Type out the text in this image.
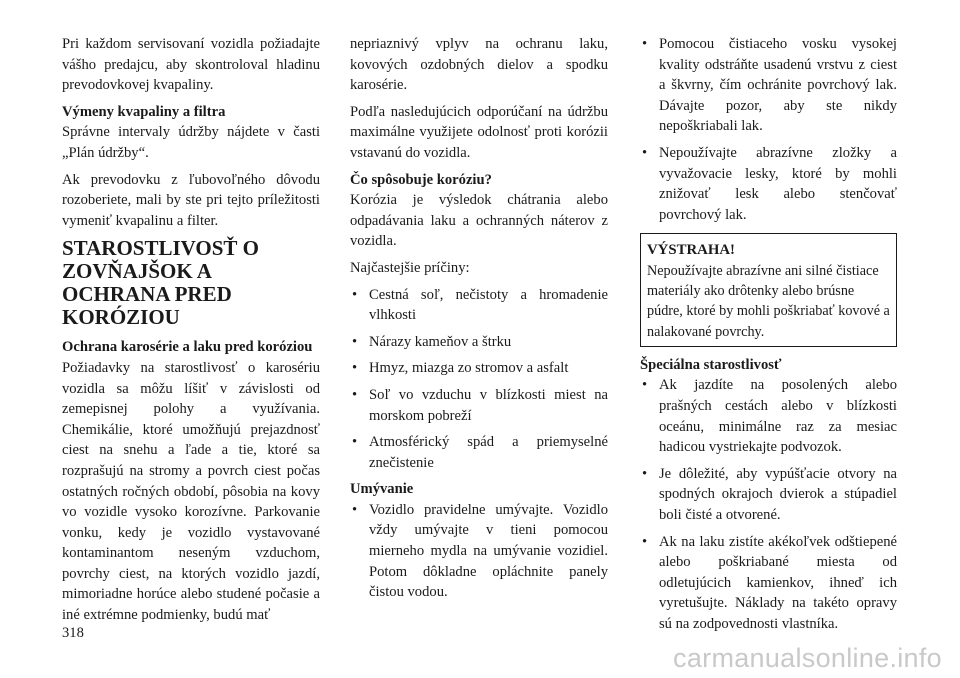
Pri každom servisovaní vozidla požiadajte vášho predajcu, aby skontroloval hladinu prevodovkovej kvapaliny.

Výmeny kvapaliny a filtra

Správne intervaly údržby nájdete v časti „Plán údržby“.

Ak prevodovku z ľubovoľného dôvodu rozoberiete, mali by ste pri tejto príležitosti vymeniť kvapalinu a filter.

STAROSTLIVOSŤ O ZOVŇAJŠOK A OCHRANA PRED KORÓZIOU

Ochrana karosérie a laku pred koróziou

Požiadavky na starostlivosť o karosériu vozidla sa môžu líšiť v závislosti od zemepisnej polohy a využívania. Chemikálie, ktoré umožňujú prejazdnosť ciest na snehu a ľade a tie, ktoré sa rozprašujú na stromy a povrch ciest počas ostatných ročných období, pôsobia na kovy vo vozidle vysoko korozívne. Parkovanie vonku, kedy je vozidlo vystavované kontaminantom neseným vzduchom, povrchy ciest, na ktorých vozidlo jazdí, mimoriadne horúce alebo studené počasie a iné extrémne podmienky, budú mať

nepriaznivý vplyv na ochranu laku, kovových ozdobných dielov a spodku karosérie.

Podľa nasledujúcich odporúčaní na údržbu maximálne využijete odolnosť proti korózii vstavanú do vozidla.

Čo spôsobuje koróziu?

Korózia je výsledok chátrania alebo odpadávania laku a ochranných náterov z vozidla.

Najčastejšie príčiny:

• Cestná soľ, nečistoty a hromadenie vlhkosti
• Nárazy kameňov a štrku
• Hmyz, miazga zo stromov a asfalt
• Soľ vo vzduchu v blízkosti miest na morskom pobreží
• Atmosférický spád a priemyselné znečistenie

Umývanie

• Vozidlo pravidelne umývajte. Vozidlo vždy umývajte v tieni pomocou mierneho mydla na umývanie vozidiel. Potom dôkladne opláchnite panely čistou vodou.
• Pomocou čistiaceho vosku vysokej kvality odstráňte usadenú vrstvu z ciest a škvrny, čím ochránite povrchový lak. Dávajte pozor, aby ste nikdy nepoškriabali lak.
• Nepoužívajte abrazívne zložky a vyvažovacie lesky, ktoré by mohli znižovať lesk alebo stenčovať povrchový lak.

VÝSTRAHA!

Nepoužívajte abrazívne ani silné čistiace materiály ako drôtenky alebo brúsne púdre, ktoré by mohli poškriabať kovové a nalakované povrchy.

Špeciálna starostlivosť

• Ak jazdíte na posolených alebo prašných cestách alebo v blízkosti oceánu, minimálne raz za mesiac hadicou vystriekajte podvozok.
• Je dôležité, aby vypúšťacie otvory na spodných okrajoch dvierok a stúpadiel boli čisté a otvorené.
• Ak na laku zistíte akékoľvek odštiepené alebo poškriabané miesta od odletujúcich kamienkov, ihneď ich vyretušujte. Náklady na takéto opravy sú na zodpovednosti vlastníka.
318
carmanualsonline.info
